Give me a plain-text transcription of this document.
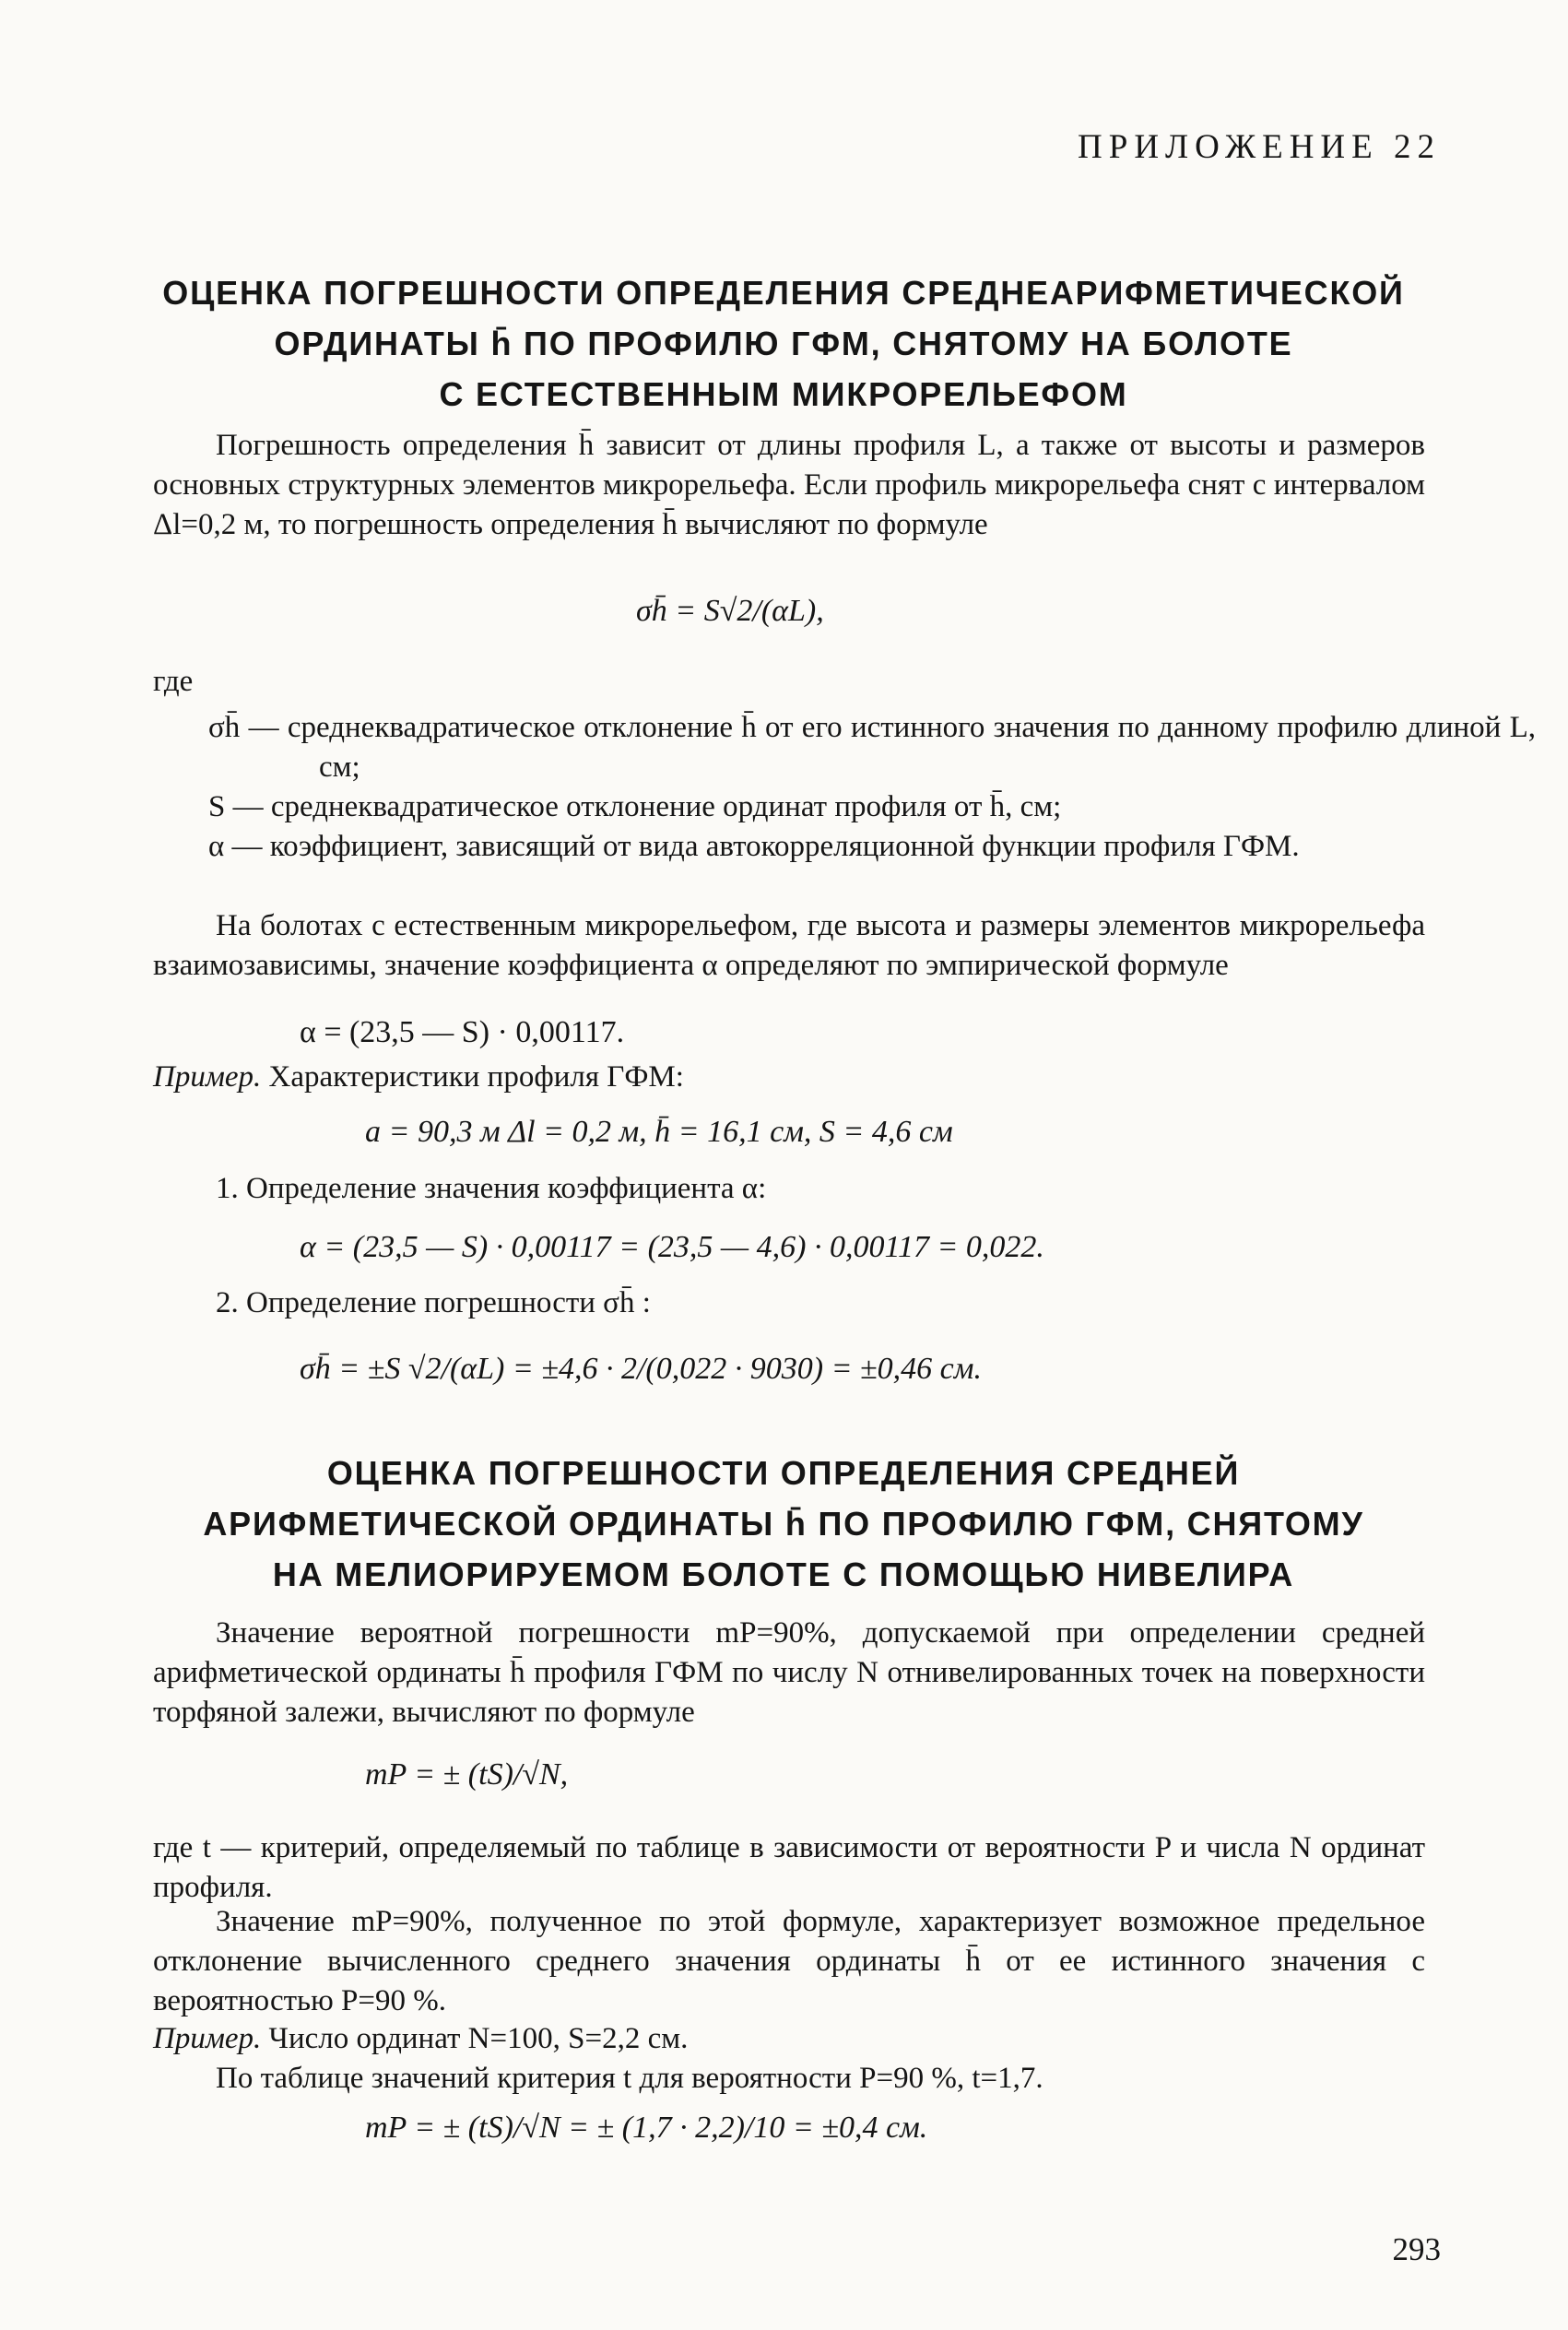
ПРИЛОЖЕНИЕ 22
ОЦЕНКА ПОГРЕШНОСТИ ОПРЕДЕЛЕНИЯ СРЕДНЕАРИФМЕТИЧЕСКОЙ
ОРДИНАТЫ h̄ ПО ПРОФИЛЮ ГФМ, СНЯТОМУ НА БОЛОТЕ
С ЕСТЕСТВЕННЫМ МИКРОРЕЛЬЕФОМ
Погрешность определения h̄ зависит от длины профиля L, а также от высоты и размеров основных структурных элементов микрорельефа. Если профиль микрорельефа снят с интервалом Δl=0,2 м, то погрешность определения h̄ вычисляют по формуле
σh̄ = S√2/(αL),
где
σh̄ — среднеквадратическое отклонение h̄ от его истинного значения по данному профилю длиной L, см;
S — среднеквадратическое отклонение ординат профиля от h̄, см;
α — коэффициент, зависящий от вида автокорреляционной функции профиля ГФМ.
На болотах с естественным микрорельефом, где высота и размеры элементов микрорельефа взаимозависимы, значение коэффициента α определяют по эмпирической формуле
α = (23,5 — S) · 0,00117.
Пример. Характеристики профиля ГФМ:
a = 90,3 м Δl = 0,2 м, h̄ = 16,1 см, S = 4,6 см
1. Определение значения коэффициента α:
α = (23,5 — S) · 0,00117 = (23,5 — 4,6) · 0,00117 = 0,022.
2. Определение погрешности σh̄ :
σh̄ = ±S √2/(αL) = ±4,6 · 2/(0,022 · 9030) = ±0,46 см.
ОЦЕНКА ПОГРЕШНОСТИ ОПРЕДЕЛЕНИЯ СРЕДНЕЙ
АРИФМЕТИЧЕСКОЙ ОРДИНАТЫ h̄ ПО ПРОФИЛЮ ГФМ, СНЯТОМУ
НА МЕЛИОРИРУЕМОМ БОЛОТЕ С ПОМОЩЬЮ НИВЕЛИРА
Значение вероятной погрешности mP=90%, допускаемой при определении средней арифметической ординаты h̄ профиля ГФМ по числу N отнивелированных точек на поверхности торфяной залежи, вычисляют по формуле
mP = ± (tS)/√N,
где t — критерий, определяемый по таблице в зависимости от вероятности P и числа N ординат профиля.
Значение mP=90%, полученное по этой формуле, характеризует возможное предельное отклонение вычисленного среднего значения ординаты h̄ от ее истинного значения с вероятностью P=90 %.
Пример. Число ординат N=100, S=2,2 см.
По таблице значений критерия t для вероятности P=90 %, t=1,7.
mP = ± (tS)/√N = ± (1,7 · 2,2)/10 = ±0,4 см.
293
